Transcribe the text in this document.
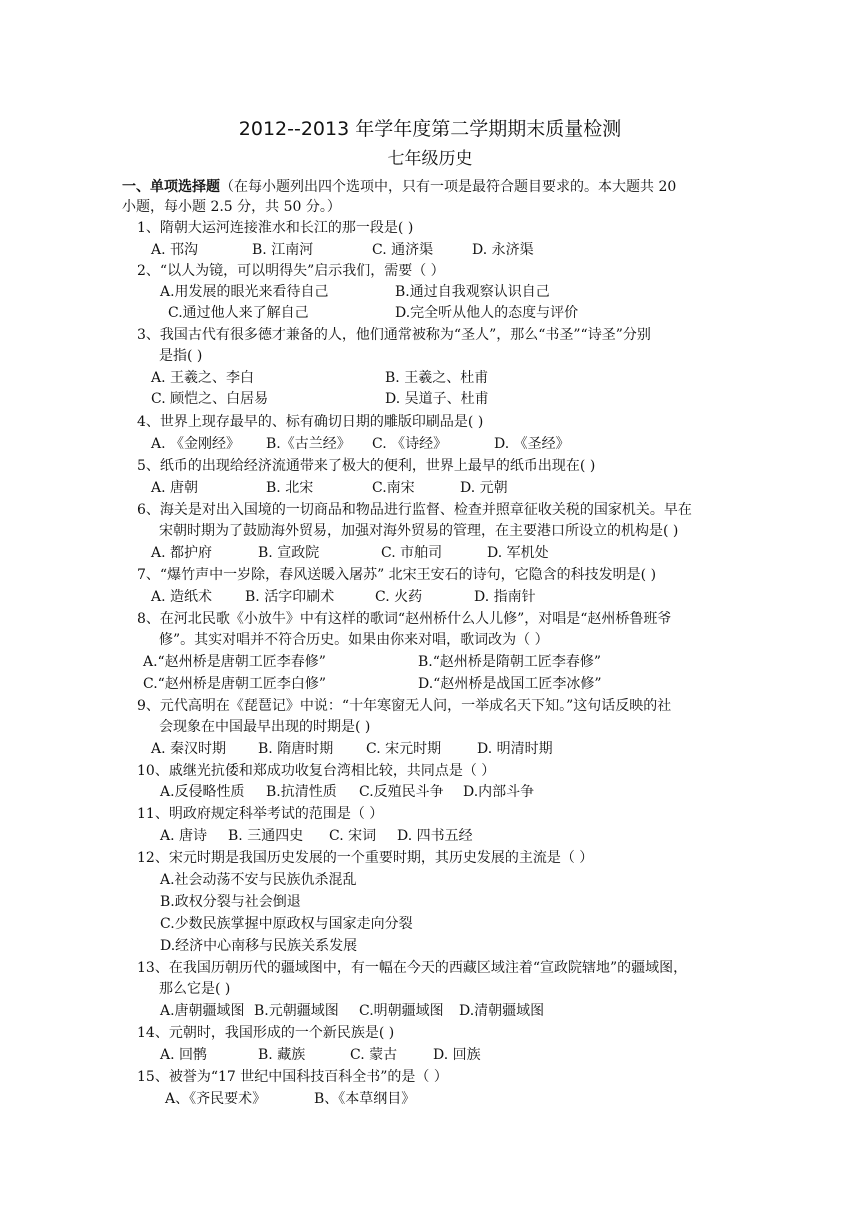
2012--2013 年学年度第二学期期末质量检测
七年级历史
一、单项选择题（在每小题列出四个选项中，只有一项是最符合题目要求的。本大题共 20
小题，每小题 2.5 分，共 50 分。）
1、隋朝大运河连接淮水和长江的那一段是( )
A. 邗沟	B. 江南河	C. 通济渠	D. 永济渠
2、“以人为镜，可以明得失”启示我们，需要（ ）
A.用发展的眼光来看待自己	B.通过自我观察认识自己
C.通过他人来了解自己	D.完全听从他人的态度与评价
3、我国古代有很多德才兼备的人，他们通常被称为“圣人”，那么“书圣”“诗圣”分别
是指( )
A. 王羲之、李白	B. 王羲之、杜甫
C. 顾恺之、白居易	D. 吴道子、杜甫
4、世界上现存最早的、标有确切日期的雕版印刷品是( )
A. 《金刚经》 B.《古兰经》 C. 《诗经》	D. 《圣经》
5、纸币的出现给经济流通带来了极大的便利，世界上最早的纸币出现在( )
A. 唐朝	B. 北宋	C.南宋	D. 元朝
6、海关是对出入国境的一切商品和物品进行监督、检查并照章征收关税的国家机关。早在
宋朝时期为了鼓励海外贸易，加强对海外贸易的管理，在主要港口所设立的机构是( )
A. 都护府	B. 宣政院	C. 市舶司	D. 军机处
7、“爆竹声中一岁除，春风送暖入屠苏” 北宋王安石的诗句，它隐含的科技发明是( )
A. 造纸术 B. 活字印刷术	C. 火药	D. 指南针
8、在河北民歌《小放牛》中有这样的歌词“赵州桥什么人儿修”，对唱是“赵州桥鲁班爷
修”。其实对唱并不符合历史。如果由你来对唱，歌词改为（ ）
A.“赵州桥是唐朝工匠李春修”	B.“赵州桥是隋朝工匠李春修”
C.“赵州桥是唐朝工匠李白修”	D.“赵州桥是战国工匠李冰修”
9、元代高明在《琵琶记》中说：“十年寒窗无人问，一举成名天下知。”这句话反映的社
会现象在中国最早出现的时期是( )
A. 秦汉时期 B. 隋唐时期 C. 宋元时期	D. 明清时期
10、戚继光抗倭和郑成功收复台湾相比较，共同点是（ ）
A.反侵略性质 B.抗清性质 C.反殖民斗争 D.内部斗争
11、明政府规定科举考试的范围是（ ）
A. 唐诗 B. 三通四史 C. 宋词 D. 四书五经
12、宋元时期是我国历史发展的一个重要时期，其历史发展的主流是（ ）
A.社会动荡不安与民族仇杀混乱
B.政权分裂与社会倒退
C.少数民族掌握中原政权与国家走向分裂
D.经济中心南移与民族关系发展
13、在我国历朝历代的疆域图中，有一幅在今天的西藏区域注着“宣政院辖地”的疆域图，
那么它是( )
A.唐朝疆域图 B.元朝疆域图 C.明朝疆域图 D.清朝疆域图
14、元朝时，我国形成的一个新民族是( )
A. 回鹘	B. 藏族	C. 蒙古	D. 回族
15、被誉为“17 世纪中国科技百科全书”的是（ ）
A、《齐民要术》	B、《本草纲目》
